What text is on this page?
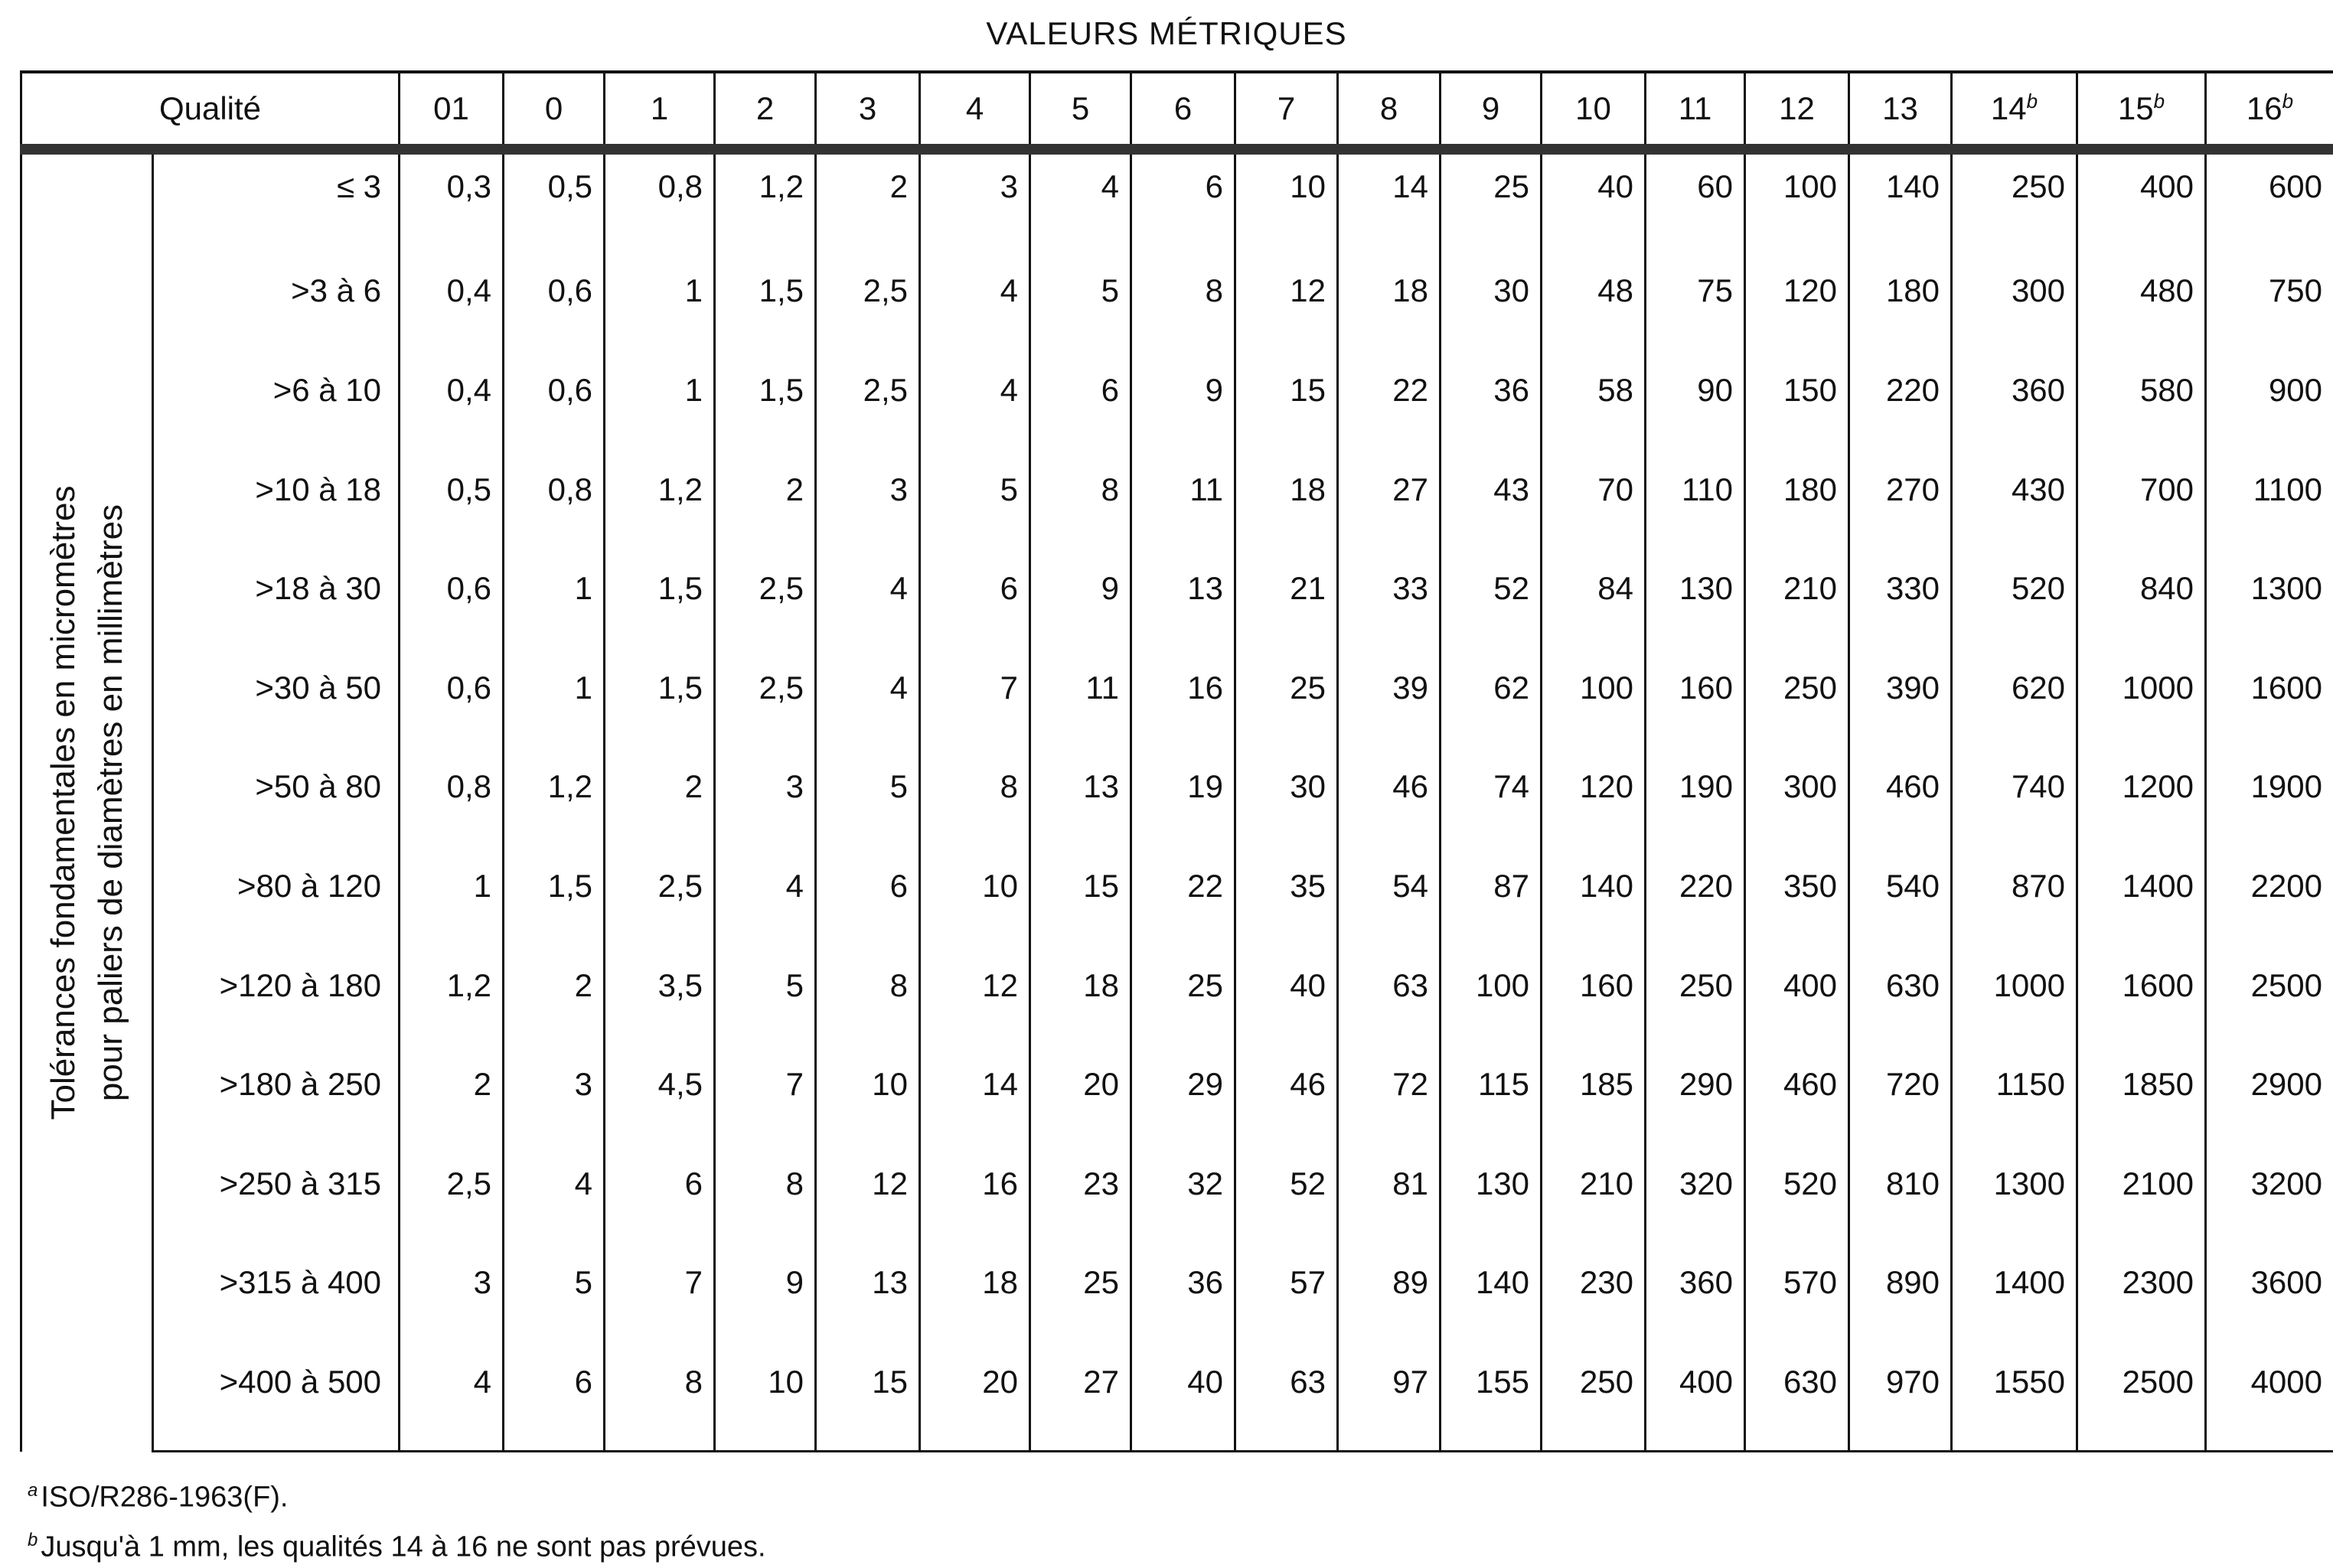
VALEURS MÉTRIQUES
Qualité		01	0	1	2	3	4	5	6	7	8	9	10	11	12	13	14$^b$	15$^b$	16$^b$

Tolérances fondamentales en micromètres pour paliers de diamètres en millimètres	≤ 3	0,3	0,5	0,8	1,2	2	3	4	6	10	14	25	40	60	100	140	250	400	600
	>3 à 6	0,4	0,6	1	1,5	2,5	4	5	8	12	18	30	48	75	120	180	300	480	750
	>6 à 10	0,4	0,6	1	1,5	2,5	4	6	9	15	22	36	58	90	150	220	360	580	900
	>10 à 18	0,5	0,8	1,2	2	3	5	8	11	18	27	43	70	110	180	270	430	700	1100
	>18 à 30	0,6	1	1,5	2,5	4	6	9	13	21	33	52	84	130	210	330	520	840	1300
	>30 à 50	0,6	1	1,5	2,5	4	7	11	16	25	39	62	100	160	250	390	620	1000	1600
	>50 à 80	0,8	1,2	2	3	5	8	13	19	30	46	74	120	190	300	460	740	1200	1900
	>80 à 120	1	1,5	2,5	4	6	10	15	22	35	54	87	140	220	350	540	870	1400	2200
	>120 à 180	1,2	2	3,5	5	8	12	18	25	40	63	100	160	250	400	630	1000	1600	2500
	>180 à 250	2	3	4,5	7	10	14	20	29	46	72	115	185	290	460	720	1150	1850	2900
	>250 à 315	2,5	4	6	8	12	16	23	32	52	81	130	210	320	520	810	1300	2100	3200
	>315 à 400	3	5	7	9	13	18	25	36	57	89	140	230	360	570	890	1400	2300	3600
	>400 à 500	4	6	8	10	15	20	27	40	63	97	155	250	400	630	970	1550	2500	4000
$^a$ ISO/R286-1963(F).
$^b$ Jusqu'à 1 mm, les qualités 14 à 16 ne sont pas prévues.
